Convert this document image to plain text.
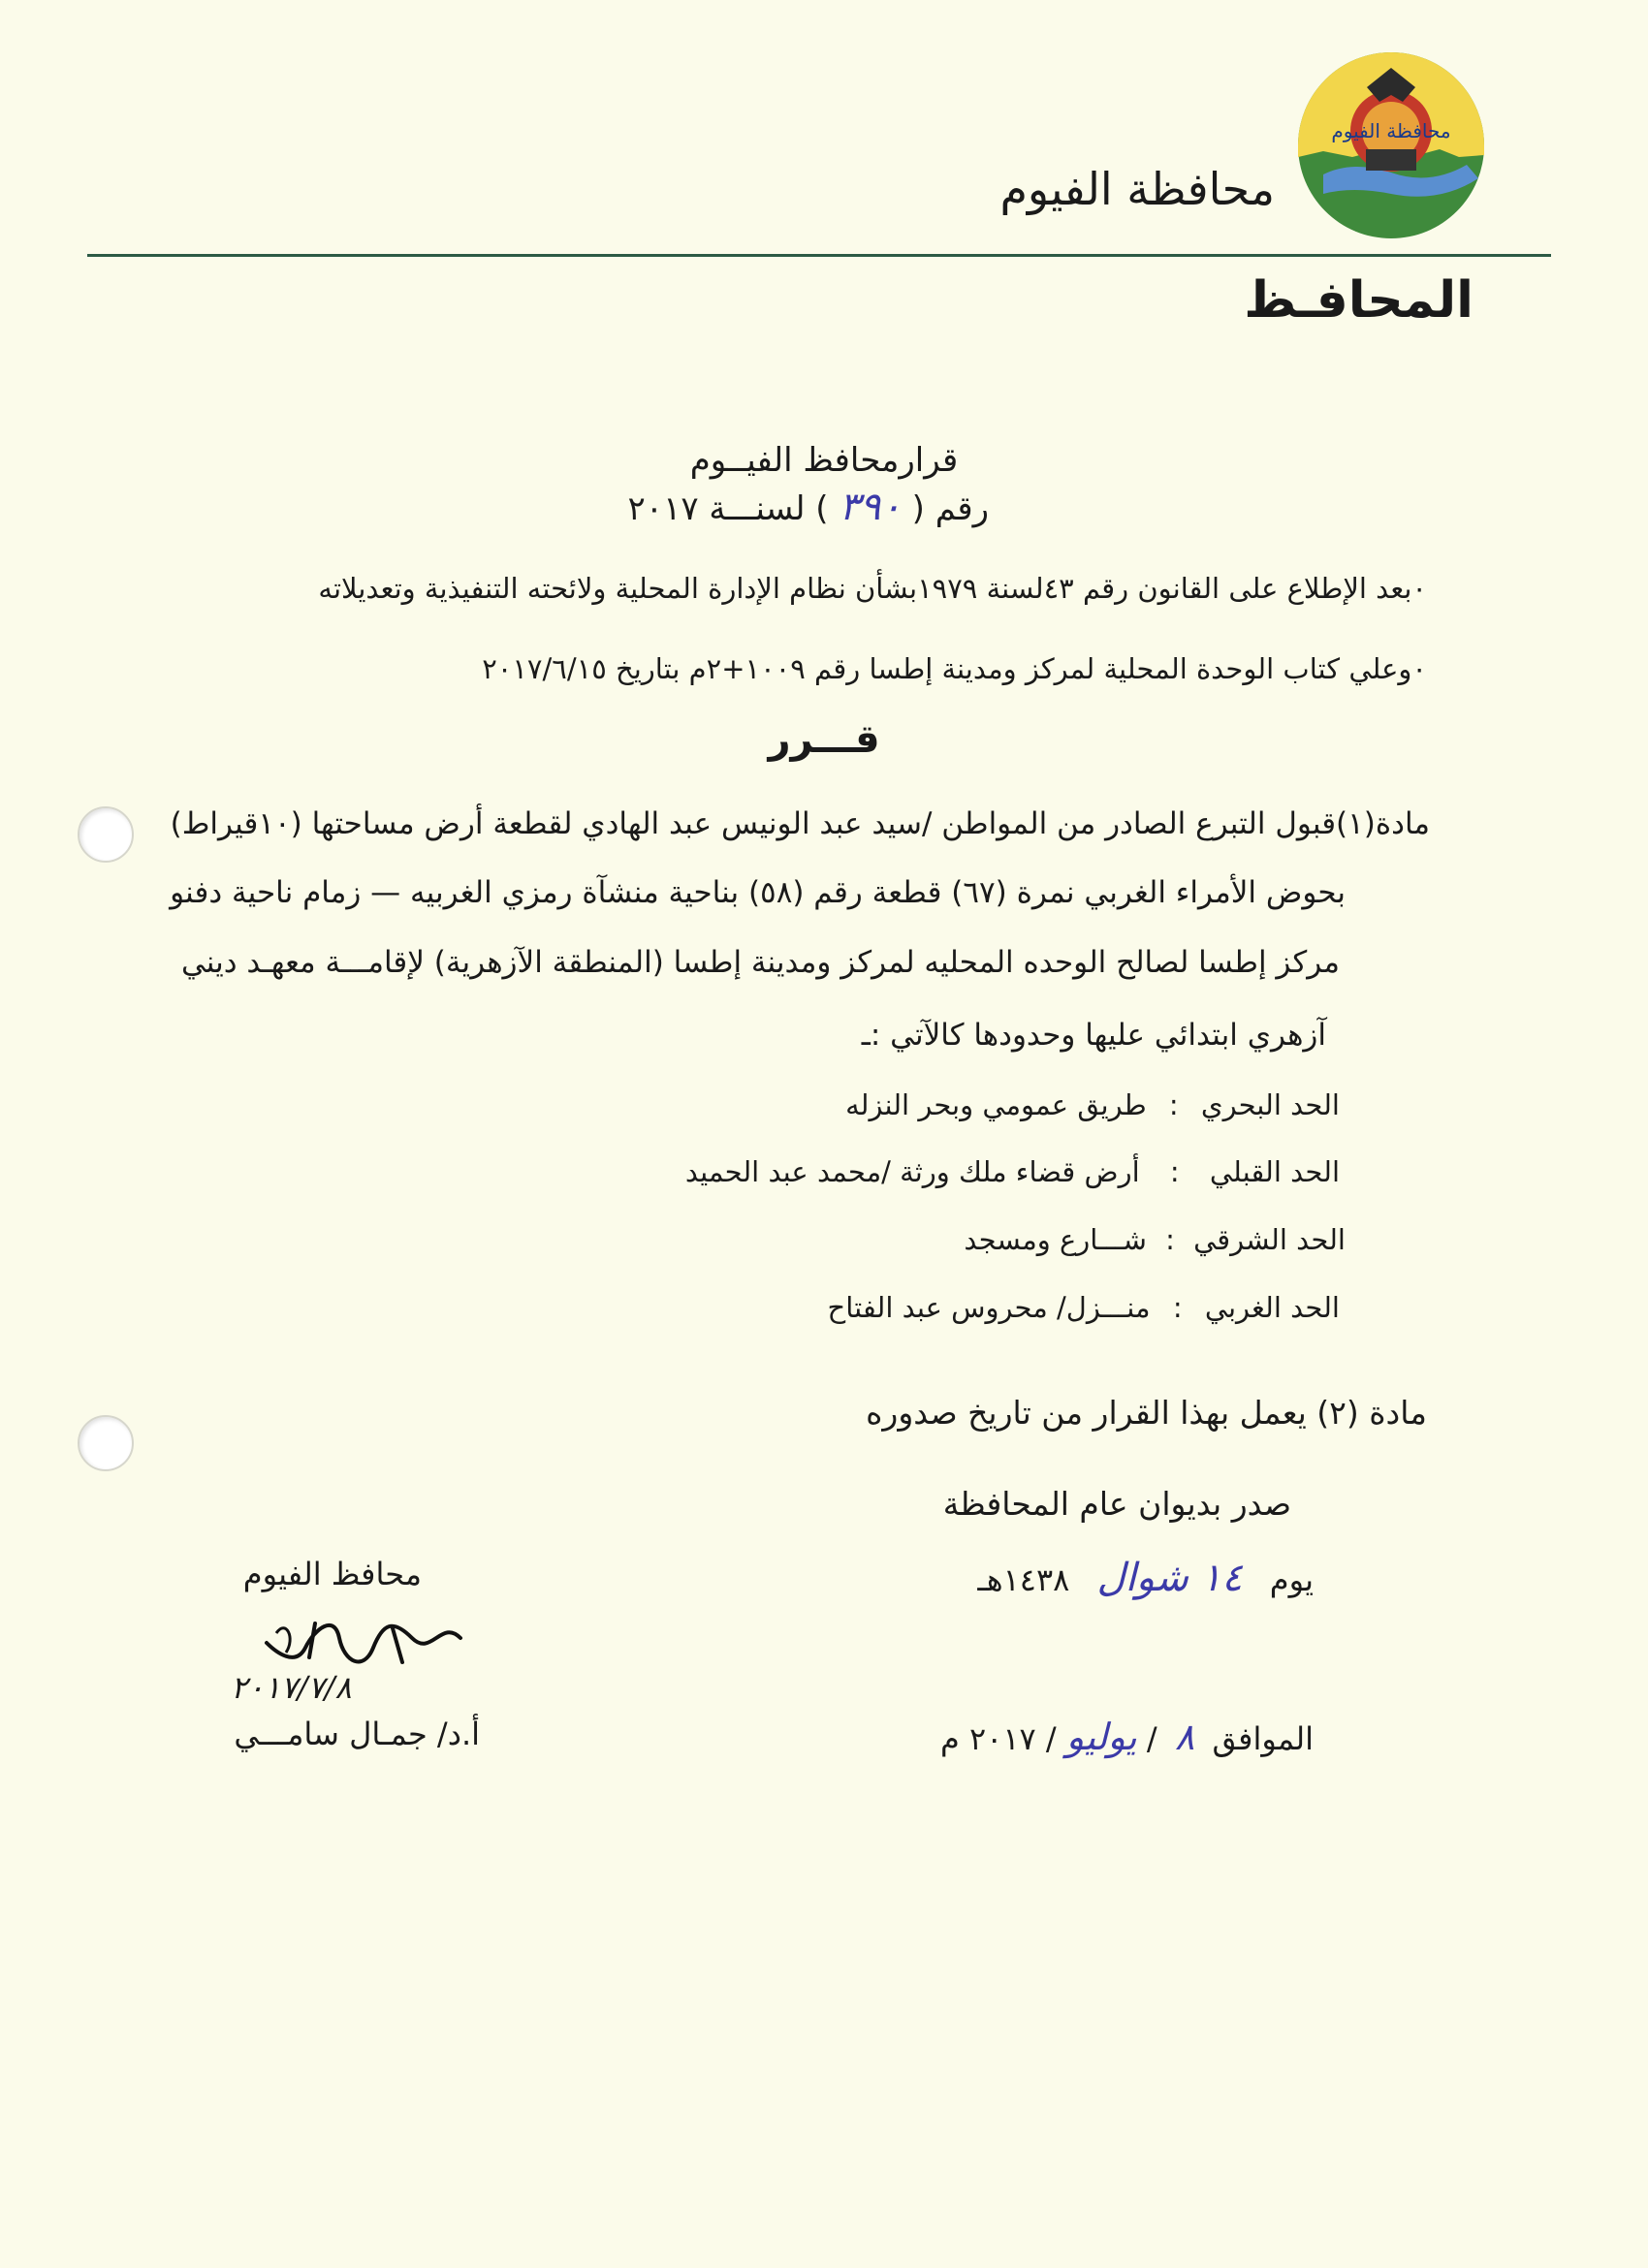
محافظة الفيوم
محافظة الفيوم
المحافـظ
قرارمحافظ الفيــوم
رقم ( ٣٩٠ ) لسنـــة ٢٠١٧
٠بعد الإطلاع على القانون رقم ٤٣لسنة ١٩٧٩بشأن نظام الإدارة المحلية ولائحته التنفيذية وتعديلاته
٠وعلي كتاب الوحدة المحلية لمركز ومدينة إطسا رقم ١٠٠٩+٢م بتاريخ ٢٠١٧/٦/١٥
قـــرر
مادة(١)قبول التبرع الصادر من المواطن /سيد عبد الونيس عبد الهادي لقطعة أرض مساحتها (١٠قيراط)
بحوض الأمراء الغربي نمرة (٦٧) قطعة رقم (٥٨) بناحية منشآة رمزي الغربيه — زمام ناحية دفنو
مركز إطسا لصالح الوحده المحليه لمركز ومدينة إطسا (المنطقة الآزهرية) لإقامـــة معهـد ديني
آزهري ابتدائي عليها وحدودها كالآتي :ـ
الحد البحري : طريق عمومي وبحر النزله
الحد القبلي : أرض قضاء ملك ورثة /محمد عبد الحميد
الحد الشرقي : شـــارع ومسجد
الحد الغربي : منـــزل/ محروس عبد الفتاح
مادة (٢) يعمل بهذا القرار من تاريخ صدوره
صدر بديوان عام المحافظة
يوم ١٤ شوال ١٤٣٨هـ
الموافق ٨ / يوليو / ٢٠١٧ م
محافظ الفيوم
٢٠١٧/٧/٨
أ.د/ جمـال سامـــي
